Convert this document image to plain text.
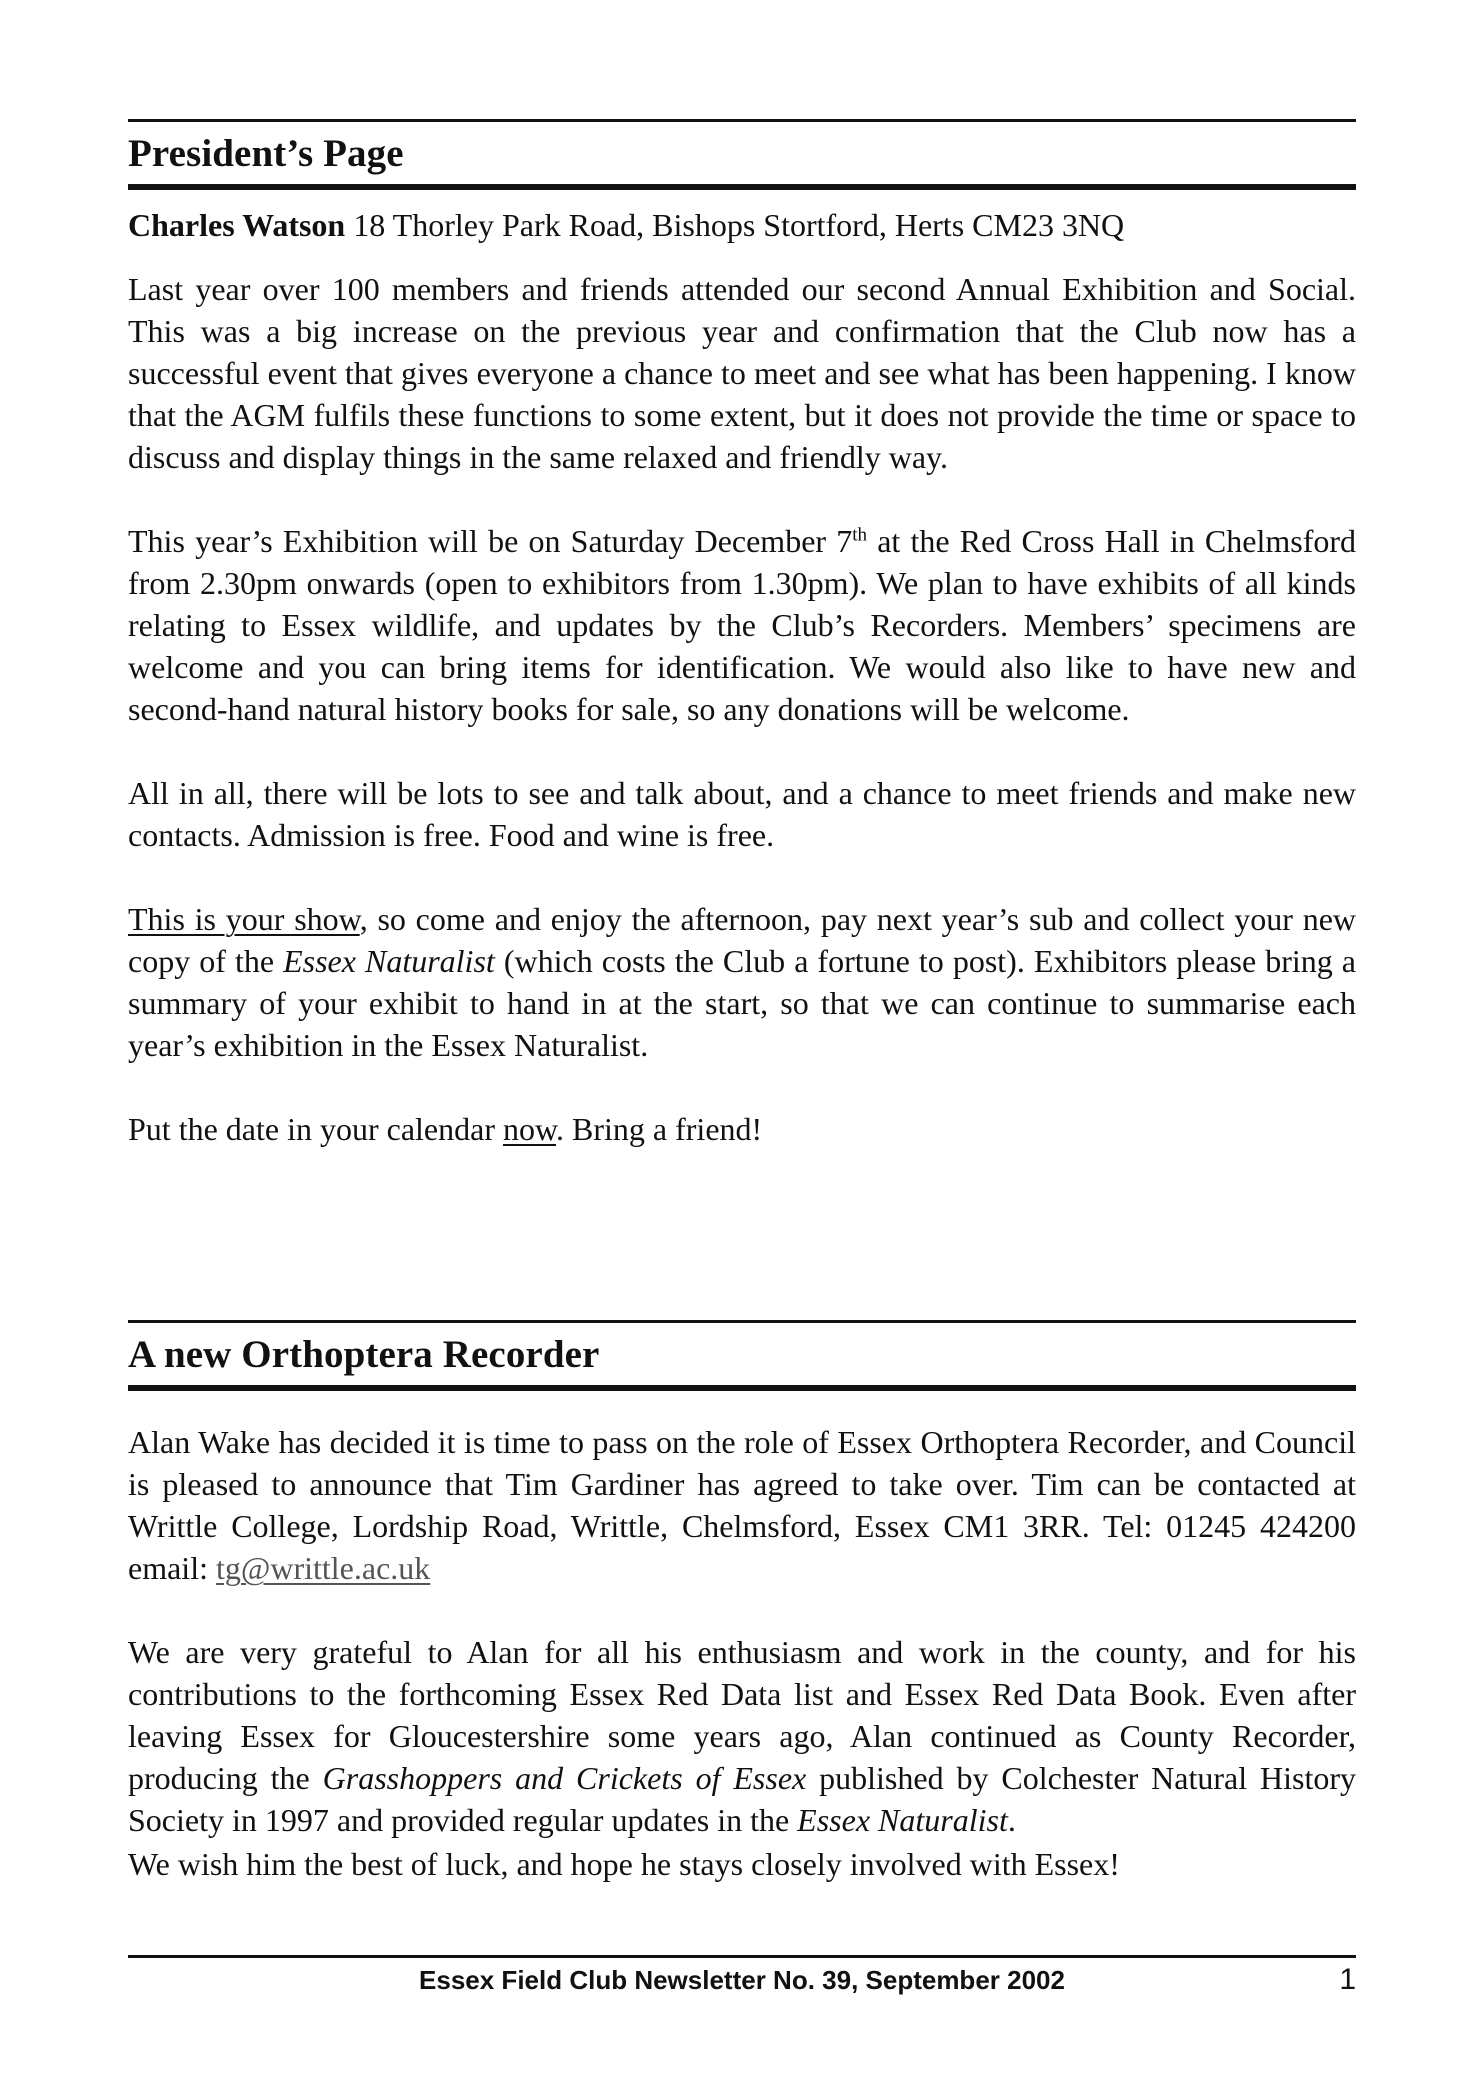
President’s Page

Charles Watson 18 Thorley Park Road, Bishops Stortford, Herts CM23 3NQ

Last year over 100 members and friends attended our second Annual Exhibition and Social. This was a big increase on the previous year and confirmation that the Club now has a successful event that gives everyone a chance to meet and see what has been happening. I know that the AGM fulfils these functions to some extent, but it does not provide the time or space to discuss and display things in the same relaxed and friendly way.

This year’s Exhibition will be on Saturday December 7th at the Red Cross Hall in Chelmsford from 2.30pm onwards (open to exhibitors from 1.30pm). We plan to have exhibits of all kinds relating to Essex wildlife, and updates by the Club’s Recorders. Members’ specimens are welcome and you can bring items for identification. We would also like to have new and second-hand natural history books for sale, so any donations will be welcome.

All in all, there will be lots to see and talk about, and a chance to meet friends and make new contacts. Admission is free. Food and wine is free.

This is your show, so come and enjoy the afternoon, pay next year’s sub and collect your new copy of the Essex Naturalist (which costs the Club a fortune to post). Exhibitors please bring a summary of your exhibit to hand in at the start, so that we can continue to summarise each year’s exhibition in the Essex Naturalist.

Put the date in your calendar now. Bring a friend!

A new Orthoptera Recorder

Alan Wake has decided it is time to pass on the role of Essex Orthoptera Recorder, and Council is pleased to announce that Tim Gardiner has agreed to take over. Tim can be contacted at Writtle College, Lordship Road, Writtle, Chelmsford, Essex CM1 3RR. Tel: 01245 424200 email: tg@writtle.ac.uk

We are very grateful to Alan for all his enthusiasm and work in the county, and for his contributions to the forthcoming Essex Red Data list and Essex Red Data Book. Even after leaving Essex for Gloucestershire some years ago, Alan continued as County Recorder, producing the Grasshoppers and Crickets of Essex published by Colchester Natural History Society in 1997 and provided regular updates in the Essex Naturalist.

We wish him the best of luck, and hope he stays closely involved with Essex!

Essex Field Club Newsletter No. 39, September 2002	1
